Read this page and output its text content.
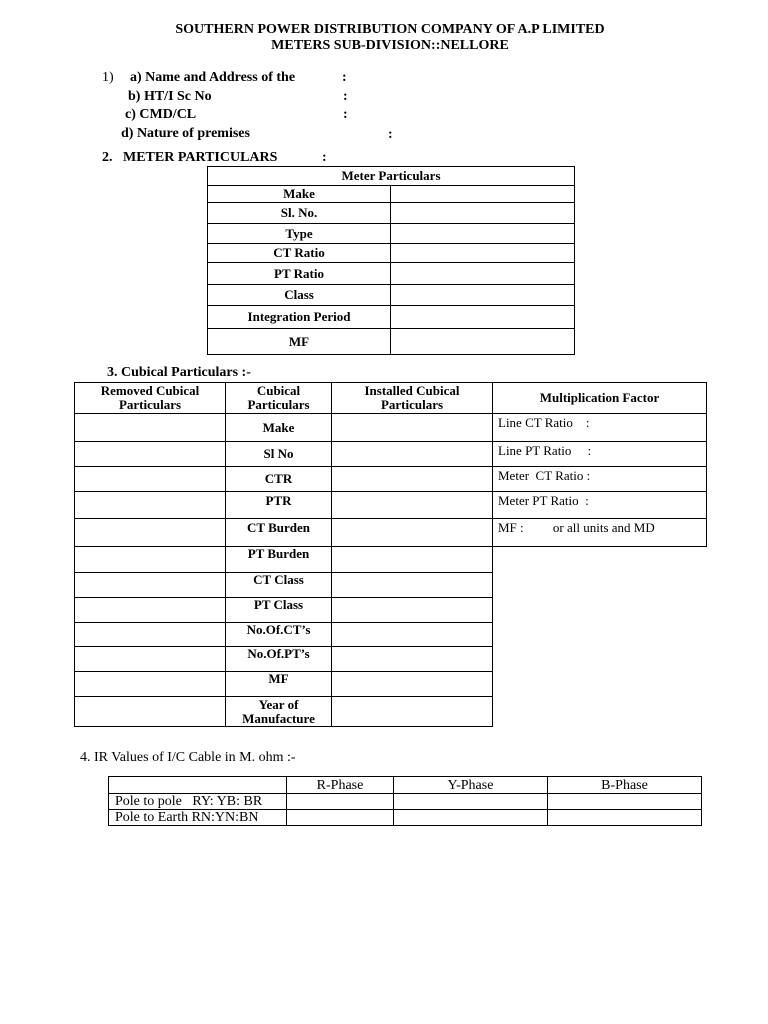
SOUTHERN POWER DISTRIBUTION COMPANY OF A.P LIMITED
METERS SUB-DIVISION::NELLORE
1) a) Name and Address of the	:
b) HT/I Sc No	:
c) CMD/CL	:
d) Nature of premises	:
2.   METER PARTICULARS	:
Meter Particulars	
Make	
Sl. No.	
Type	
CT Ratio	
PT Ratio	
Class	
Integration Period	
MF	
3. Cubical Particulars :-
Removed Cubical Particulars	Cubical Particulars	Installed Cubical Particulars	Multiplication Factor
	Make		Line CT Ratio    :
	Sl No		Line PT Ratio     :
	CTR		Meter  CT Ratio :
	PTR		Meter PT Ratio  :
	CT Burden		MF :         or all units and MD
	PT Burden		
	CT Class		
	PT Class		
	No.Of.CT’s		
	No.Of.PT’s		
	MF		
	Year of Manufacture		
4. IR Values of I/C Cable in M. ohm :-
	R-Phase	Y-Phase	B-Phase
Pole to pole   RY: YB: BR			
Pole to Earth RN:YN:BN			
